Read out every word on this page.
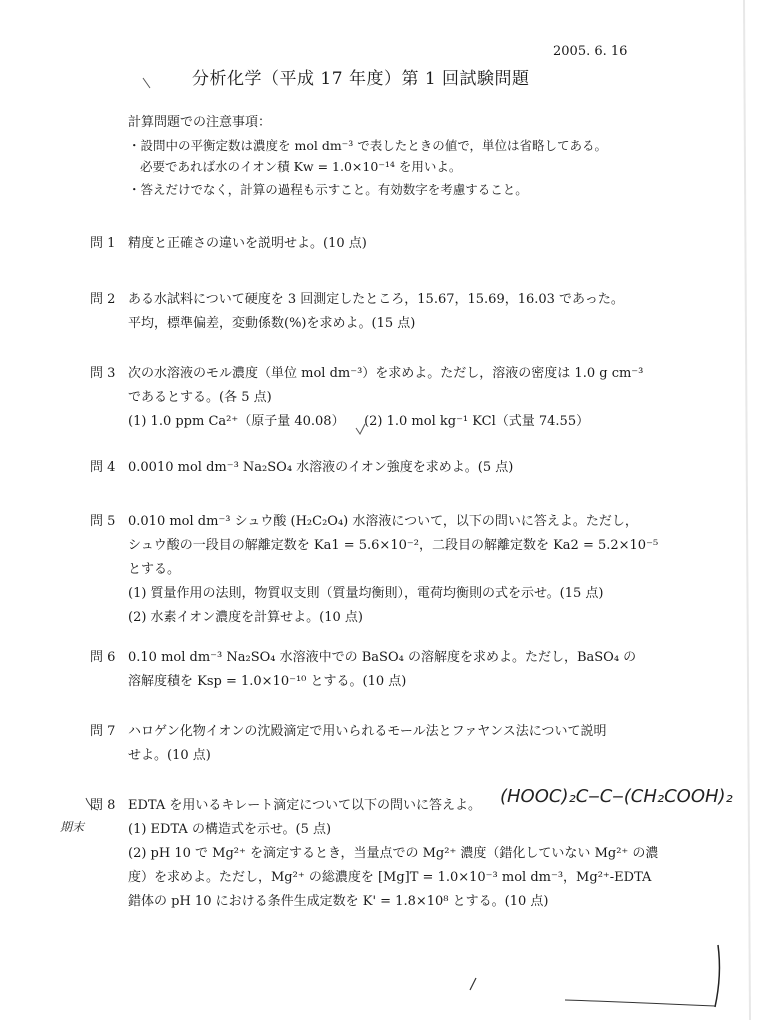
2005. 6. 16
分析化学（平成 17 年度）第 1 回試験問題
計算問題での注意事項：
・設問中の平衡定数は濃度を mol dm⁻³ で表したときの値で，単位は省略してある。
必要であれば水のイオン積 Kw = 1.0×10⁻¹⁴ を用いよ。
・答えだけでなく，計算の過程も示すこと。有効数字を考慮すること。
問 1 精度と正確さの違いを説明せよ。(10 点)
問 2 ある水試料について硬度を 3 回測定したところ，15.67，15.69，16.03 であった。
平均，標準偏差，変動係数(%)を求めよ。(15 点)
問 3 次の水溶液のモル濃度（単位 mol dm⁻³）を求めよ。ただし，溶液の密度は 1.0 g cm⁻³
であるとする。(各 5 点)
(1) 1.0 ppm Ca²⁺（原子量 40.08）　　(2) 1.0 mol kg⁻¹ KCl（式量 74.55）
問 4 0.0010 mol dm⁻³ Na₂SO₄ 水溶液のイオン強度を求めよ。(5 点)
問 5 0.010 mol dm⁻³ シュウ酸 (H₂C₂O₄) 水溶液について，以下の問いに答えよ。ただし，
シュウ酸の一段目の解離定数を Ka1 = 5.6×10⁻²，二段目の解離定数を Ka2 = 5.2×10⁻⁵
とする。
(1) 質量作用の法則，物質収支則（質量均衡則），電荷均衡則の式を示せ。(15 点)
(2) 水素イオン濃度を計算せよ。(10 点)
問 6 0.10 mol dm⁻³ Na₂SO₄ 水溶液中での BaSO₄ の溶解度を求めよ。ただし，BaSO₄ の
溶解度積を Ksp = 1.0×10⁻¹⁰ とする。(10 点)
問 7 ハロゲン化物イオンの沈殿滴定で用いられるモール法とファヤンス法について説明
せよ。(10 点)
問 8 EDTA を用いるキレート滴定について以下の問いに答えよ。
(1) EDTA の構造式を示せ。(5 点)
(2) pH 10 で Mg²⁺ を滴定するとき，当量点での Mg²⁺ 濃度（錯化していない Mg²⁺ の濃
度）を求めよ。ただし，Mg²⁺ の総濃度を [Mg]T = 1.0×10⁻³ mol dm⁻³，Mg²⁺-EDTA
錯体の pH 10 における条件生成定数を K' = 1.8×10⁸ とする。(10 点)
(HOOC)₂C‒C‒(CH₂COOH)₂
期末
